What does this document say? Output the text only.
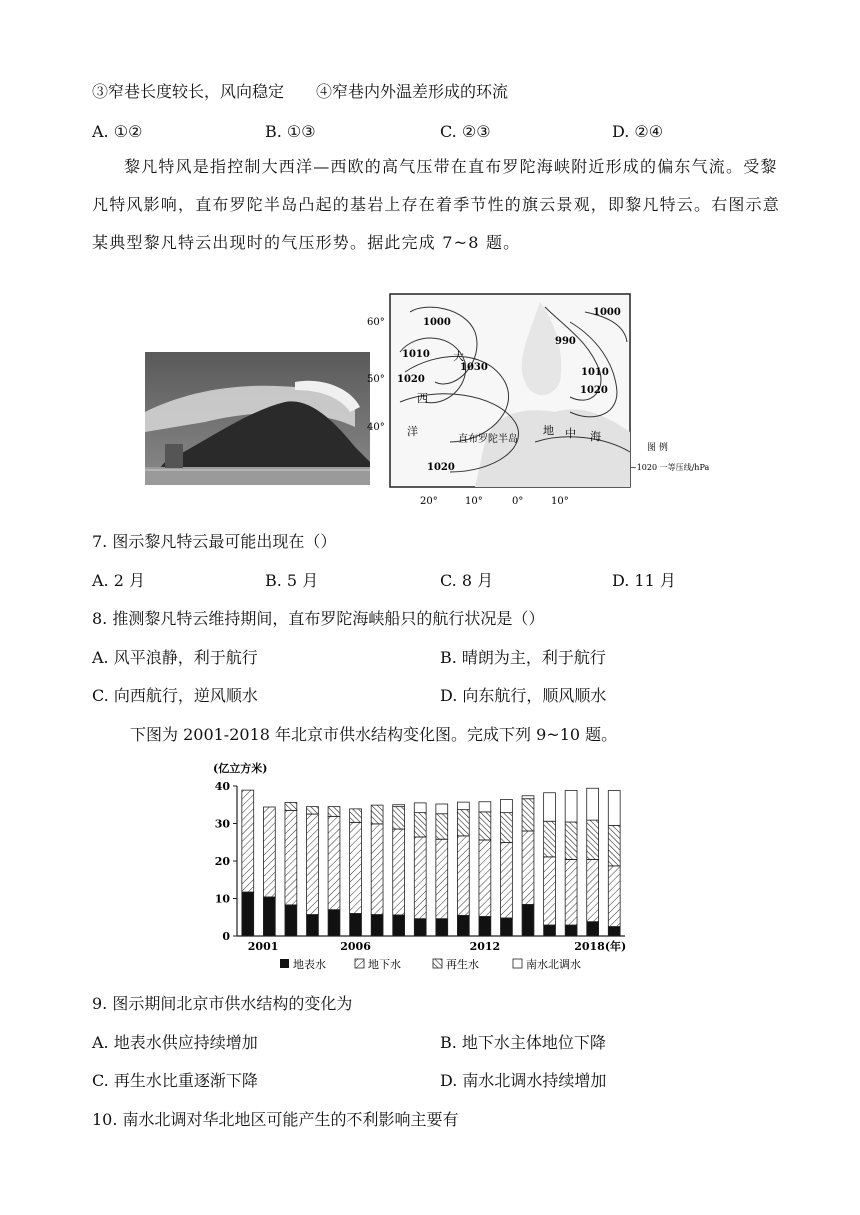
③窄巷长度较长，风向稳定　　④窄巷内外温差形成的环流
A. ①②	B. ①③	C. ②③	D. ②④
黎凡特风是指控制大西洋—西欧的高气压带在直布罗陀海峡附近形成的偏东气流。受黎凡特风影响，直布罗陀半岛凸起的基岩上存在着季节性的旗云景观，即黎凡特云。右图示意某典型黎凡特云出现时的气压形势。据此完成 7~8 题。
60°
50°
40°
20°	10°	0°	10°
1000
1010
1030
990
1000
1010
1020
1020
1020
大
西
洋
直布罗陀半岛
地 中 海
图 例
~1020 一等压线/hPa
7. 图示黎凡特云最可能出现在（）
A. 2 月	B. 5 月	C. 8 月	D. 11 月
8. 推测黎凡特云维持期间，直布罗陀海峡船只的航行状况是（）
A. 风平浪静，利于航行	B. 晴朗为主，利于航行
C. 向西航行，逆风顺水	D. 向东航行，顺风顺水
下图为 2001-2018 年北京市供水结构变化图。完成下列 9~10 题。
(亿立方米)
0
10
20
30
40
2001	2006	2012	2018(年)
地表水	地下水	再生水	南水北调水
9. 图示期间北京市供水结构的变化为
A. 地表水供应持续增加	B. 地下水主体地位下降
C. 再生水比重逐渐下降	D. 南水北调水持续增加
10. 南水北调对华北地区可能产生的不利影响主要有
